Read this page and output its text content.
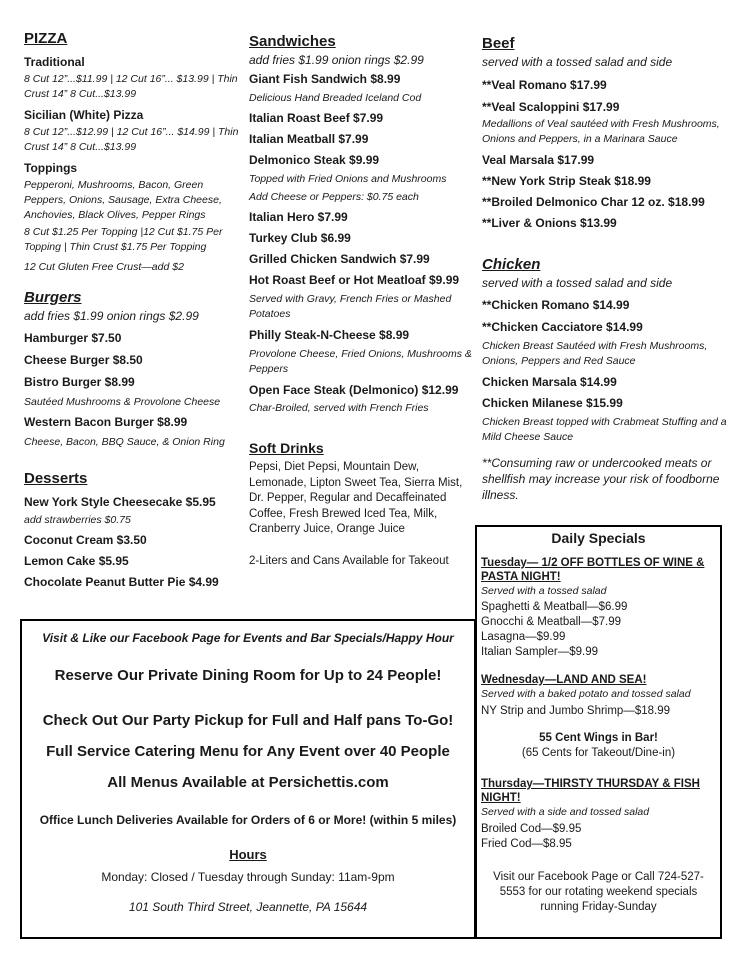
PIZZA
Traditional
8 Cut 12”...$11.99 | 12 Cut 16”... $13.99 | Thin Crust 14” 8 Cut...$13.99
Sicilian (White) Pizza
8 Cut 12”...$12.99 | 12 Cut 16”... $14.99 | Thin Crust 14” 8 Cut...$13.99
Toppings
Pepperoni, Mushrooms, Bacon, Green Peppers, Onions, Sausage, Extra Cheese, Anchovies, Black Olives, Pepper Rings
8 Cut $1.25 Per Topping |12 Cut $1.75 Per Topping | Thin Crust $1.75 Per Topping
12 Cut Gluten Free Crust—add $2
Burgers
add fries $1.99 onion rings $2.99
Hamburger $7.50
Cheese Burger $8.50
Bistro Burger $8.99
Sautéed Mushrooms & Provolone Cheese
Western Bacon Burger $8.99
Cheese, Bacon, BBQ Sauce, & Onion Ring
Desserts
New York Style Cheesecake $5.95
add strawberries $0.75
Coconut Cream $3.50
Lemon Cake $5.95
Chocolate Peanut Butter Pie $4.99
Sandwiches
add fries $1.99 onion rings $2.99
Giant Fish Sandwich $8.99
Delicious Hand Breaded Iceland Cod
Italian Roast Beef $7.99
Italian Meatball $7.99
Delmonico Steak $9.99
Topped with Fried Onions and Mushrooms
Add Cheese or Peppers: $0.75 each
Italian Hero $7.99
Turkey Club $6.99
Grilled Chicken Sandwich $7.99
Hot Roast Beef or Hot Meatloaf $9.99
Served with Gravy, French Fries or Mashed Potatoes
Philly Steak-N-Cheese $8.99
Provolone Cheese, Fried Onions, Mushrooms & Peppers
Open Face Steak (Delmonico) $12.99
Char-Broiled, served with French Fries
Soft Drinks
Pepsi, Diet Pepsi, Mountain Dew, Lemonade, Lipton Sweet Tea, Sierra Mist, Dr. Pepper, Regular and Decaffeinated Coffee, Fresh Brewed Iced Tea, Milk, Cranberry Juice, Orange Juice
2-Liters and Cans Available for Takeout
Beef
served with a tossed salad and side
**Veal Romano $17.99
**Veal Scaloppini $17.99
Medallions of Veal sautéed with Fresh Mushrooms, Onions and Peppers, in a Marinara Sauce
Veal Marsala $17.99
**New York Strip Steak $18.99
**Broiled Delmonico Char 12 oz. $18.99
**Liver & Onions $13.99
Chicken
served with a tossed salad and side
**Chicken Romano $14.99
**Chicken Cacciatore $14.99
Chicken Breast Sautéed with Fresh Mushrooms, Onions, Peppers and Red Sauce
Chicken Marsala $14.99
Chicken Milanese $15.99
Chicken Breast topped with Crabmeat Stuffing and a Mild Cheese Sauce
**Consuming raw or undercooked meats or shellfish may increase your risk of foodborne illness.
Visit & Like our Facebook Page for Events and Bar Specials/Happy Hour
Reserve Our Private Dining Room for Up to 24 People!
Check Out Our Party Pickup for Full and Half pans To-Go!
Full Service Catering Menu for Any Event over 40 People
All Menus Available at Persichettis.com
Office Lunch Deliveries Available for Orders of 6 or More! (within 5 miles)
Hours
Monday: Closed / Tuesday through Sunday: 11am-9pm
101 South Third Street, Jeannette, PA 15644
Daily Specials
Tuesday— 1/2 OFF BOTTLES OF WINE & PASTA NIGHT!
Served with a tossed salad
Spaghetti & Meatball—$6.99
Gnocchi & Meatball—$7.99
Lasagna—$9.99
Italian Sampler—$9.99
Wednesday—LAND AND SEA!
Served with a baked potato and tossed salad
NY Strip and Jumbo Shrimp—$18.99
55 Cent Wings in Bar!
(65 Cents for Takeout/Dine-in)
Thursday—THIRSTY THURSDAY & FISH NIGHT!
Served with a side and tossed salad
Broiled Cod—$9.95
Fried Cod—$8.95
Visit our Facebook Page or Call 724-527-5553 for our rotating weekend specials running Friday-Sunday
